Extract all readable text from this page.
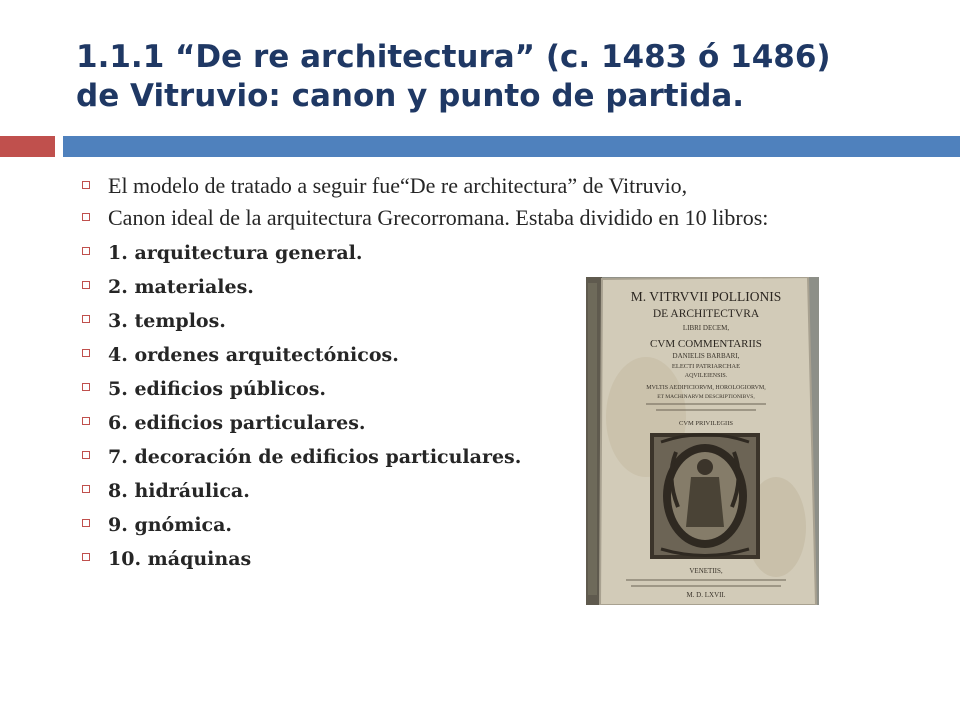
1.1.1 “De re architectura” (c. 1483 ó 1486)
de Vitruvio: canon y punto de partida.
El modelo de tratado a seguir fue“De re architectura” de Vitruvio,
Canon ideal de la arquitectura Grecorromana. Estaba dividido en 10 libros:
1. arquitectura general.
2. materiales.
3. templos.
4. ordenes arquitectónicos.
5. edificios públicos.
6. edificios particulares.
7. decoración de edificios particulares.
8. hidráulica.
9. gnómica.
10. máquinas
M. VITRVVII POLLIONIS
DE ARCHITECTVRA
LIBRI DECEM,
CVM COMMENTARIIS
DANIELIS BARBARI,
ELECTI PATRIARCHAE
AQVILEIENSIS.
MVLTIS AEDIFICIORVM, HOROLOGIORVM,
ET MACHINARVM DESCRIPTIONIBVS,
CVM PRIVILEGIIS
VENETIIS,
M. D. LXVII.
